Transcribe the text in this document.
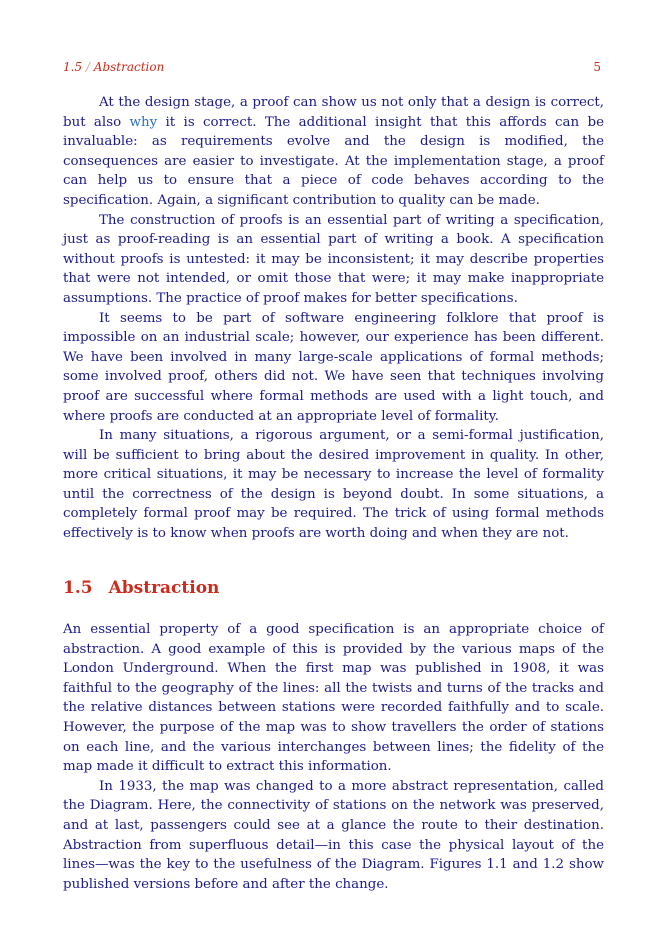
1.5 / Abstraction	5

At the design stage, a proof can show us not only that a design is correct, but also why it is correct. The additional insight that this affords can be invaluable: as requirements evolve and the design is modified, the consequences are easier to investigate. At the implementation stage, a proof can help us to ensure that a piece of code behaves according to the specification. Again, a significant contribution to quality can be made.

The construction of proofs is an essential part of writing a specification, just as proof-reading is an essential part of writing a book. A specification without proofs is untested: it may be inconsistent; it may describe properties that were not intended, or omit those that were; it may make inappropriate assumptions. The practice of proof makes for better specifications.

It seems to be part of software engineering folklore that proof is impossible on an industrial scale; however, our experience has been different. We have been involved in many large-scale applications of formal methods; some involved proof, others did not. We have seen that techniques involving proof are successful where formal methods are used with a light touch, and where proofs are conducted at an appropriate level of formality.

In many situations, a rigorous argument, or a semi-formal justification, will be sufficient to bring about the desired improvement in quality. In other, more critical situations, it may be necessary to increase the level of formality until the correctness of the design is beyond doubt. In some situations, a completely formal proof may be required. The trick of using formal methods effectively is to know when proofs are worth doing and when they are not.

1.5 Abstraction

An essential property of a good specification is an appropriate choice of abstraction. A good example of this is provided by the various maps of the London Underground. When the first map was published in 1908, it was faithful to the geography of the lines: all the twists and turns of the tracks and the relative distances between stations were recorded faithfully and to scale. However, the purpose of the map was to show travellers the order of stations on each line, and the various interchanges between lines; the fidelity of the map made it difficult to extract this information.

In 1933, the map was changed to a more abstract representation, called the Diagram. Here, the connectivity of stations on the network was preserved, and at last, passengers could see at a glance the route to their destination. Abstraction from superfluous detail—in this case the physical layout of the lines—was the key to the usefulness of the Diagram. Figures 1.1 and 1.2 show published versions before and after the change.
